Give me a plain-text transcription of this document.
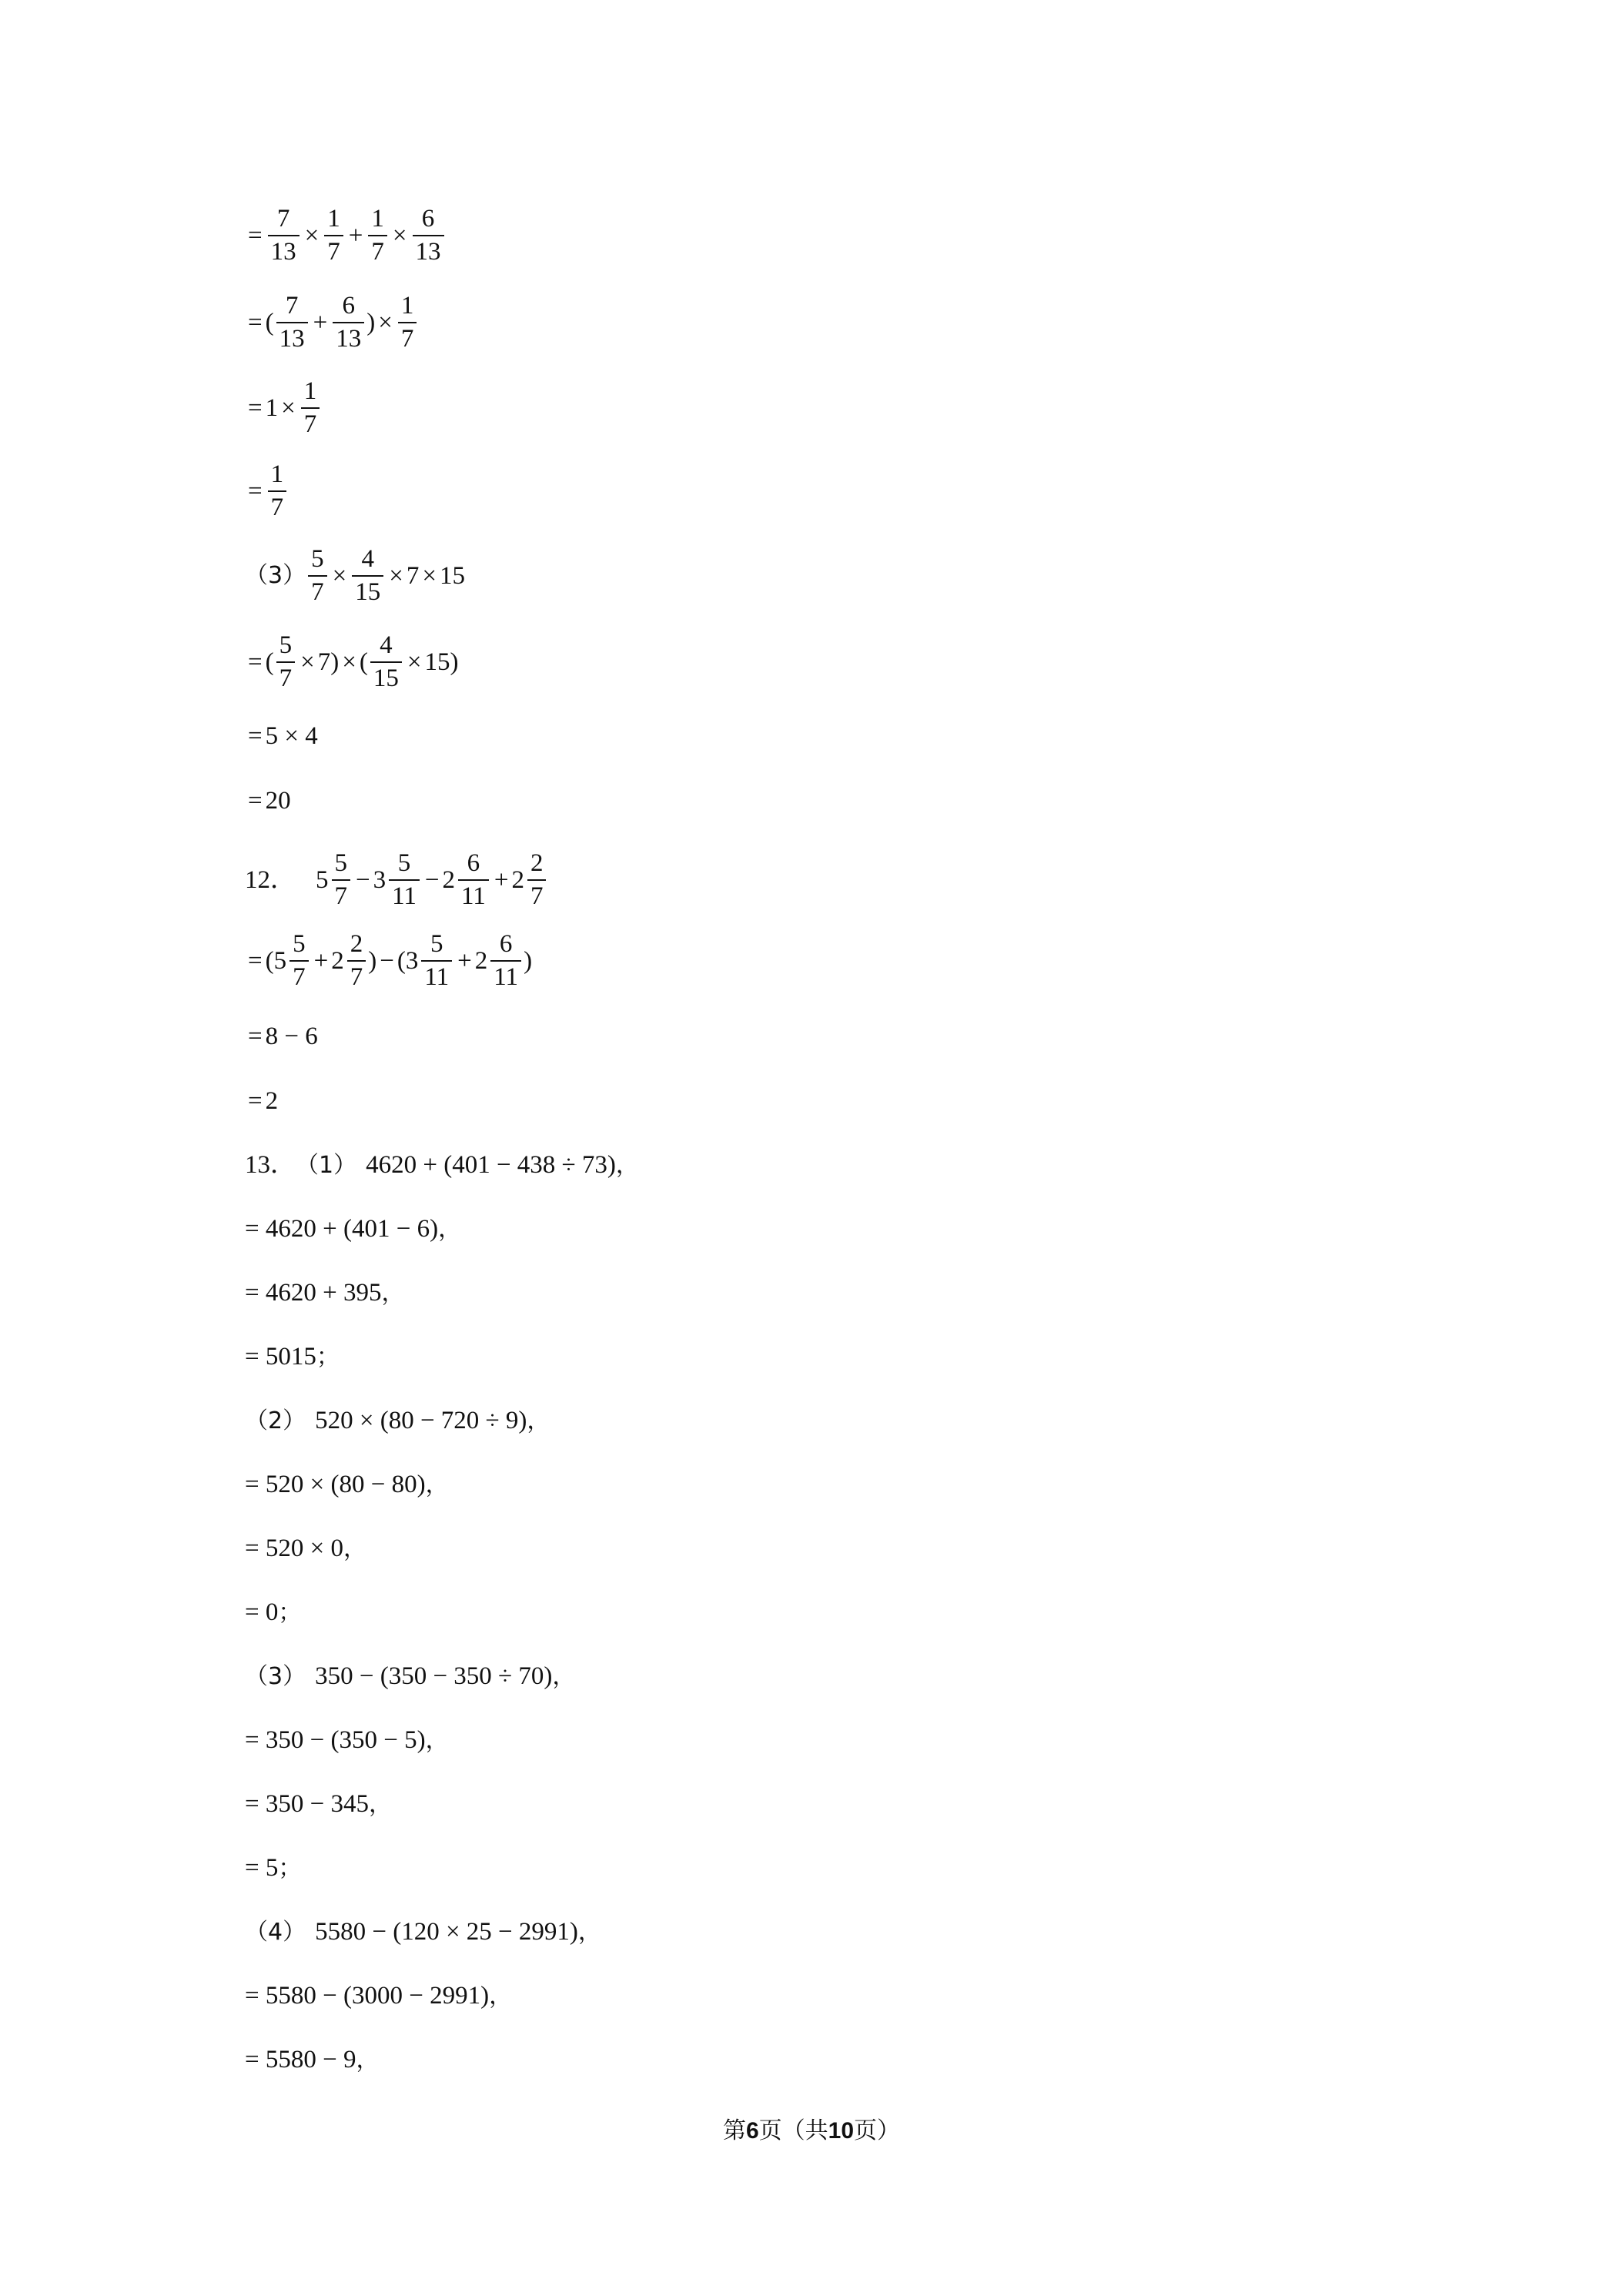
= $\frac{7}{13} \times \frac{1}{7} + \frac{1}{7} \times \frac{6}{13}$
= ( $\frac{7}{13} + \frac{6}{13}$ ) × $\frac{1}{7}$
= $1 \times \frac{1}{7}$
= $\frac{1}{7}$
$(3) \frac{5}{7} \times \frac{4}{15} \times 7 \times 15$
= ( $\frac{5}{7} \times 7$ ) × ( $\frac{4}{15} \times 15$ )
= 5 × 4
= 20
12． $5 \frac{5}{7} - 3 \frac{5}{11} - 2 \frac{6}{11} + 2 \frac{2}{7}$
= ( $5 \frac{5}{7} + 2 \frac{2}{7}$ ) − ( $3 \frac{5}{11} + 2 \frac{6}{11}$ )
= 8 − 6
= 2
13． （1） 4620 + (401 − 438 ÷ 73) ，
= 4620 + (401 − 6) ，
= 4620 + 395 ，
= 5015 ；
（2） 520 × (80 − 720 ÷ 9) ，
= 520 × (80 − 80) ，
= 520 × 0 ，
= 0 ；
（3） 350 − (350 − 350 ÷ 70) ，
= 350 − (350 − 5) ，
= 350 − 345 ，
= 5 ；
（4） 5580 − (120 × 25 − 2991) ，
= 5580 − (3000 − 2991) ，
= 5580 − 9 ，
第6页（共10页）
